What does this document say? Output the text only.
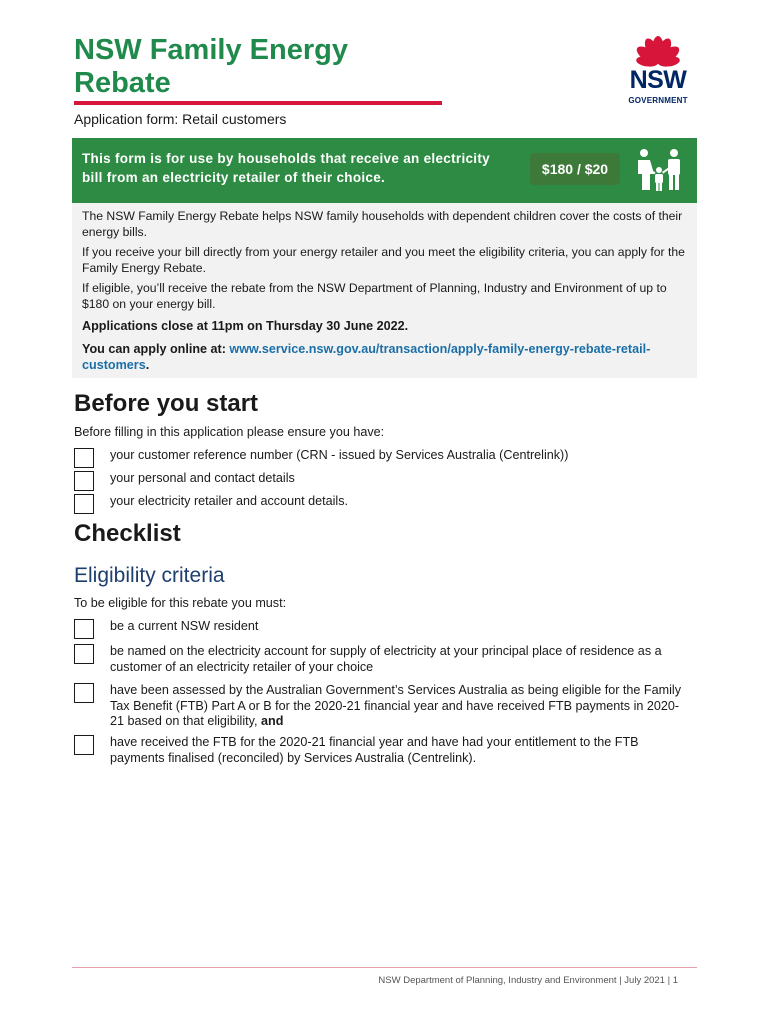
NSW Family Energy
Rebate	NSW
GOVERNMENT
Application form: Retail customers
This form is for use by households that receive an electricity bill from an electricity retailer of their choice.
$180 / $20

The NSW Family Energy Rebate helps NSW family households with dependent children cover the costs of their energy bills.

If you receive your bill directly from your energy retailer and you meet the eligibility criteria, you can apply for the Family Energy Rebate.

If eligible, you’ll receive the rebate from the NSW Department of Planning, Industry and Environment of up to $180 on your energy bill.

Applications close at 11pm on Thursday 30 June 2022.

You can apply online at: www.service.nsw.gov.au/transaction/apply-family-energy-rebate-retail-customers.

Before you start
Before filling in this application please ensure you have:
your customer reference number (CRN - issued by Services Australia (Centrelink))
your personal and contact details
your electricity retailer and account details.
Checklist
Eligibility criteria
To be eligible for this rebate you must:
be a current NSW resident
be named on the electricity account for supply of electricity at your principal place of residence as a customer of an electricity retailer of your choice
have been assessed by the Australian Government’s Services Australia as being eligible for the Family Tax Benefit (FTB) Part A or B for the 2020-21 financial year and have received FTB payments in 2020-21 based on that eligibility, and
have received the FTB for the 2020-21 financial year and have had your entitlement to the FTB payments finalised (reconciled) by Services Australia (Centrelink).
NSW Department of Planning, Industry and Environment | July 2021 | 1
